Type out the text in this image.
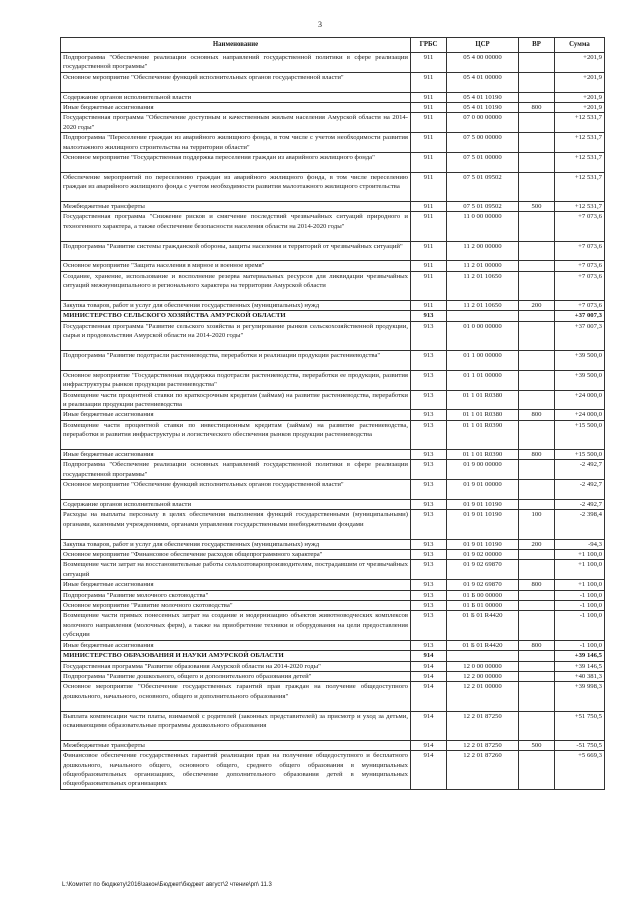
3
Наименование	ГРБС	ЦСР	ВР	Сумма
Подпрограмма "Обеспечение реализации основных направлений государственной политики в сфере реализации государственной программы"	911	05 4 00 00000		+201,9
Основное мероприятие "Обеспечение функций исполнительных органов государственной власти"	911	05 4 01 00000		+201,9
Содержание органов исполнительной власти	911	05 4 01 10190		+201,9
Иные бюджетные ассигнования	911	05 4 01 10190	800	+201,9
Государственная программа "Обеспечение доступным и качественным жильем населения Амурской области на 2014-2020 годы"	911	07 0 00 00000		+12 531,7
Подпрограмма "Переселение граждан из аварийного жилищного фонда, в том числе с учетом необходимости развития малоэтажного жилищного строительства на территории области"	911	07 5 00 00000		+12 531,7
Основное мероприятие "Государственная поддержка переселения граждан из аварийного жилищного фонда"	911	07 5 01 00000		+12 531,7
Обеспечение мероприятий по переселению граждан из аварийного жилищного фонда, в том числе переселению граждан из аварийного жилищного фонда с учетом необходимости развития малоэтажного жилищного строительства	911	07 5 01 09502		+12 531,7
Межбюджетные трансферты	911	07 5 01 09502	500	+12 531,7
Государственная программа "Снижение рисков и смягчение последствий чрезвычайных ситуаций природного и техногенного характера, а также обеспечение безопасности населения области на 2014-2020 годы"	911	11 0 00 00000		+7 073,6
Подпрограмма "Развитие системы гражданской обороны, защиты населения и территорий от чрезвычайных ситуаций"	911	11 2 00 00000		+7 073,6
Основное мероприятие "Защита населения в мирное и военное время"	911	11 2 01 00000		+7 073,6
Создание, хранение, использование и восполнение резерва материальных ресурсов для ликвидации чрезвычайных ситуаций межмуниципального и регионального характера на территории Амурской области	911	11 2 01 10650		+7 073,6
Закупка товаров, работ и услуг для обеспечения государственных (муниципальных) нужд	911	11 2 01 10650	200	+7 073,6
МИНИСТЕРСТВО СЕЛЬСКОГО ХОЗЯЙСТВА АМУРСКОЙ ОБЛАСТИ	913			+37 007,3
Государственная программа "Развитие сельского хозяйства и регулирование рынков сельскохозяйственной продукции, сырья и продовольствия Амурской области на 2014-2020 годы"	913	01 0 00 00000		+37 007,3
Подпрограмма "Развитие подотрасли растениеводства, переработки и реализации продукции растениеводства"	913	01 1 00 00000		+39 500,0
Основное мероприятие "Государственная поддержка подотрасли растениеводства, переработки ее продукции, развития инфраструктуры рынков продукции растениеводства"	913	01 1 01 00000		+39 500,0
Возмещение части процентной ставки по краткосрочным кредитам (займам) на развитие растениеводства, переработки и реализации продукции растениеводства	913	01 1 01 R0380		+24 000,0
Иные бюджетные ассигнования	913	01 1 01 R0380	800	+24 000,0
Возмещение части процентной ставки по инвестиционным кредитам (займам) на развитие растениеводства, переработки и развития инфраструктуры и логистического обеспечения рынков продукции растениеводства	913	01 1 01 R0390		+15 500,0
Иные бюджетные ассигнования	913	01 1 01 R0390	800	+15 500,0
Подпрограмма "Обеспечение реализации основных направлений государственной политики в сфере реализации государственной программы"	913	01 9 00 00000		-2 492,7
Основное мероприятие "Обеспечение функций исполнительных органов государственной власти"	913	01 9 01 00000		-2 492,7
Содержание органов исполнительной власти	913	01 9 01 10190		-2 492,7
Расходы на выплаты персоналу в целях обеспечения выполнения функций государственными (муниципальными) органами, казенными учреждениями, органами управления государственными внебюджетными фондами	913	01 9 01 10190	100	-2 398,4
Закупка товаров, работ и услуг для обеспечения государственных (муниципальных) нужд	913	01 9 01 10190	200	-94,3
Основное мероприятие "Финансовое обеспечение расходов общепрограммного характера"	913	01 9 02 00000		+1 100,0
Возмещение части затрат на восстановительные работы сельхозтоваропроизводителям, пострадавшим от чрезвычайных ситуаций	913	01 9 02 69870		+1 100,0
Иные бюджетные ассигнования	913	01 9 02 69870	800	+1 100,0
Подпрограмма "Развитие молочного скотоводства"	913	01 Б 00 00000		-1 100,0
Основное мероприятие "Развитие молочного скотоводства"	913	01 Б 01 00000		-1 100,0
Возмещение части прямых понесенных затрат на создание и модернизацию объектов животноводческих комплексов молочного направления (молочных ферм), а также на приобретение техники и оборудования на цели предоставления субсидии	913	01 Б 01 R4420		-1 100,0
Иные бюджетные ассигнования	913	01 Б 01 R4420	800	-1 100,0
МИНИСТЕРСТВО ОБРАЗОВАНИЯ И НАУКИ АМУРСКОЙ ОБЛАСТИ	914			+39 146,5
Государственная программа "Развитие образования Амурской области на 2014-2020 годы"	914	12 0 00 00000		+39 146,5
Подпрограмма "Развитие дошкольного, общего и дополнительного образования детей"	914	12 2 00 00000		+40 381,3
Основное мероприятие "Обеспечение государственных гарантий прав граждан на получение общедоступного дошкольного, начального, основного, общего и дополнительного образования"	914	12 2 01 00000		+39 998,3
Выплата компенсации части платы, взимаемой с родителей (законных представителей) за присмотр и уход за детьми, осваивающими образовательные программы дошкольного образования	914	12 2 01 87250		+51 750,5
Межбюджетные трансферты	914	12 2 01 87250	500	-51 750,5
Финансовое обеспечение государственных гарантий реализации прав на получение общедоступного и бесплатного дошкольного, начального общего, основного общего, среднего общего образования в муниципальных общеобразовательных организациях, обеспечение дополнительного образования детей в муниципальных общеобразовательных организациях	914	12 2 01 87260		+5 669,3
L:\Комитет по бюджету\2016\закон\Бюджет\бюджет август\2 чтение\рп\ 11.3
